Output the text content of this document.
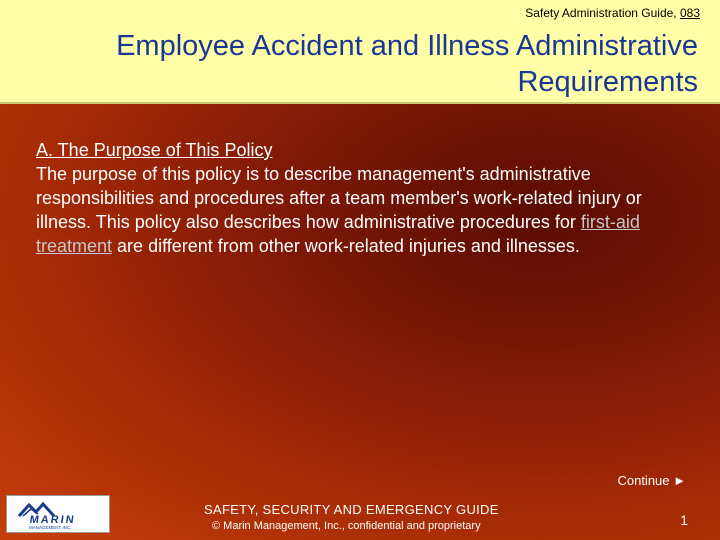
Safety Administration Guide, 083
Employee Accident and Illness Administrative
Requirements
A. The Purpose of This Policy

The purpose of this policy is to describe management's administrative responsibilities and procedures after a team member's work-related injury or illness. This policy also describes how administrative procedures for first-aid treatment are different from other work-related injuries and illnesses.

Continue ►
MARIN
MANAGEMENT INC.
SAFETY, SECURITY AND EMERGENCY GUIDE
© Marin Management, Inc., confidential and proprietary	1
